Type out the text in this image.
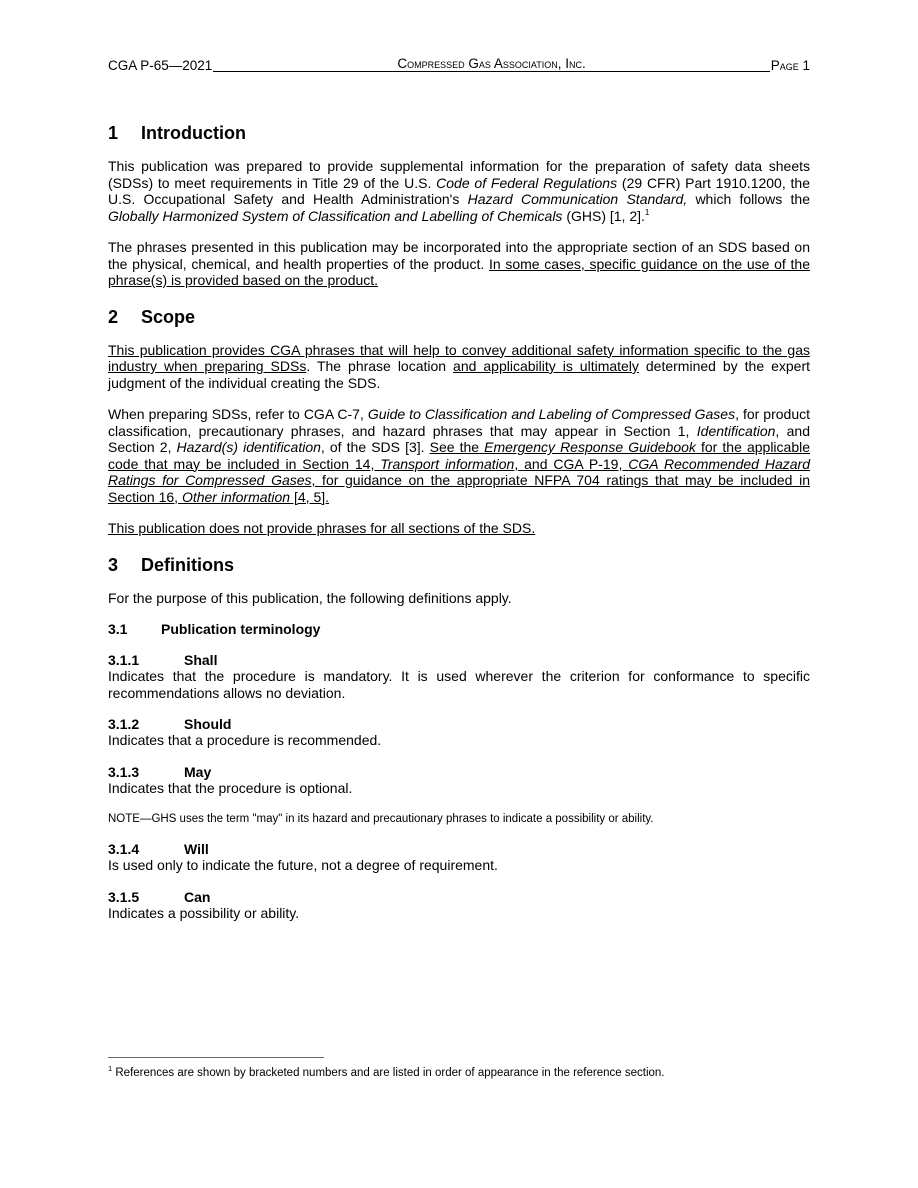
CGA P-65—2021	Compressed Gas Association, Inc.	Page 1
1	Introduction

This publication was prepared to provide supplemental information for the preparation of safety data sheets (SDSs) to meet requirements in Title 29 of the U.S. Code of Federal Regulations (29 CFR) Part 1910.1200, the U.S. Occupational Safety and Health Administration's Hazard Communication Standard, which follows the Globally Harmonized System of Classification and Labelling of Chemicals (GHS) [1, 2].$^1$

The phrases presented in this publication may be incorporated into the appropriate section of an SDS based on the physical, chemical, and health properties of the product. In some cases, specific guidance on the use of the phrase(s) is provided based on the product.

2	Scope

This publication provides CGA phrases that will help to convey additional safety information specific to the gas industry when preparing SDSs. The phrase location and applicability is ultimately determined by the expert judgment of the individual creating the SDS.

When preparing SDSs, refer to CGA C-7, Guide to Classification and Labeling of Compressed Gases, for product classification, precautionary phrases, and hazard phrases that may appear in Section 1, Identification, and Section 2, Hazard(s) identification, of the SDS [3]. See the Emergency Response Guidebook for the applicable code that may be included in Section 14, Transport information, and CGA P-19, CGA Recommended Hazard Ratings for Compressed Gases, for guidance on the appropriate NFPA 704 ratings that may be included in Section 16, Other information [4, 5].

This publication does not provide phrases for all sections of the SDS.

3	Definitions

For the purpose of this publication, the following definitions apply.

3.1	Publication terminology
3.1.1	Shall

Indicates that the procedure is mandatory. It is used wherever the criterion for conformance to specific recommendations allows no deviation.

3.1.2	Should

Indicates that a procedure is recommended.

3.1.3	May

Indicates that the procedure is optional.

NOTE—GHS uses the term "may" in its hazard and precautionary phrases to indicate a possibility or ability.

3.1.4	Will

Is used only to indicate the future, not a degree of requirement.

3.1.5	Can

Indicates a possibility or ability.

$^1$ References are shown by bracketed numbers and are listed in order of appearance in the reference section.
